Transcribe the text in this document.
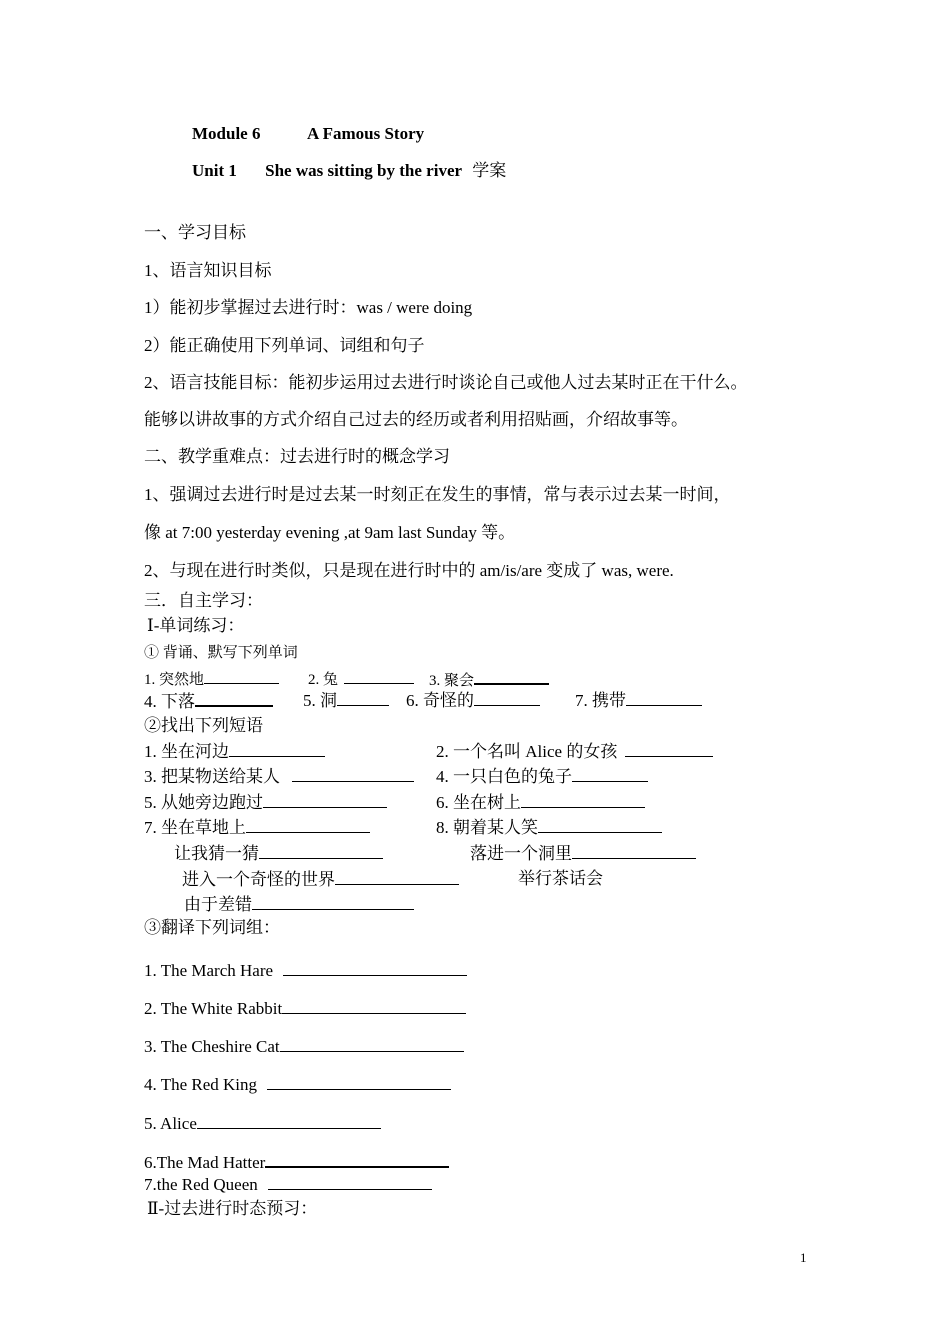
Module 6	A Famous Story
Unit 1 She was sitting by the river 学案
一、学习目标
1、语言知识目标
1）能初步掌握过去进行时：was / were doing
2）能正确使用下列单词、词组和句子
2、语言技能目标：能初步运用过去进行时谈论自己或他人过去某时正在干什么。
能够以讲故事的方式介绍自己过去的经历或者利用招贴画，介绍故事等。
二、教学重难点：过去进行时的概念学习
1、强调过去进行时是过去某一时刻正在发生的事情，常与表示过去某一时间，
像 at 7:00 yesterday evening ,at 9am last Sunday 等。
2、与现在进行时类似，只是现在进行时中的 am/is/are 变成了 was, were.
三．自主学习：
Ⅰ-单词练习：
① 背诵、默写下列单词
1. 突然地	2. 兔	3. 聚会
4. 下落	5. 洞	6. 奇怪的	7. 携带
②找出下列短语
1. 坐在河边	2. 一个名叫 Alice 的女孩
3. 把某物送给某人	4. 一只白色的兔子
5. 从她旁边跑过	6. 坐在树上
7. 坐在草地上	8. 朝着某人笑
让我猜一猜	落进一个洞里
进入一个奇怪的世界	举行茶话会
由于差错
③翻译下列词组：
1. The March Hare
2. The White Rabbit
3. The Cheshire Cat
4. The Red King
5. Alice
6.The Mad Hatter
7.the Red Queen
Ⅱ-过去进行时态预习：
1
